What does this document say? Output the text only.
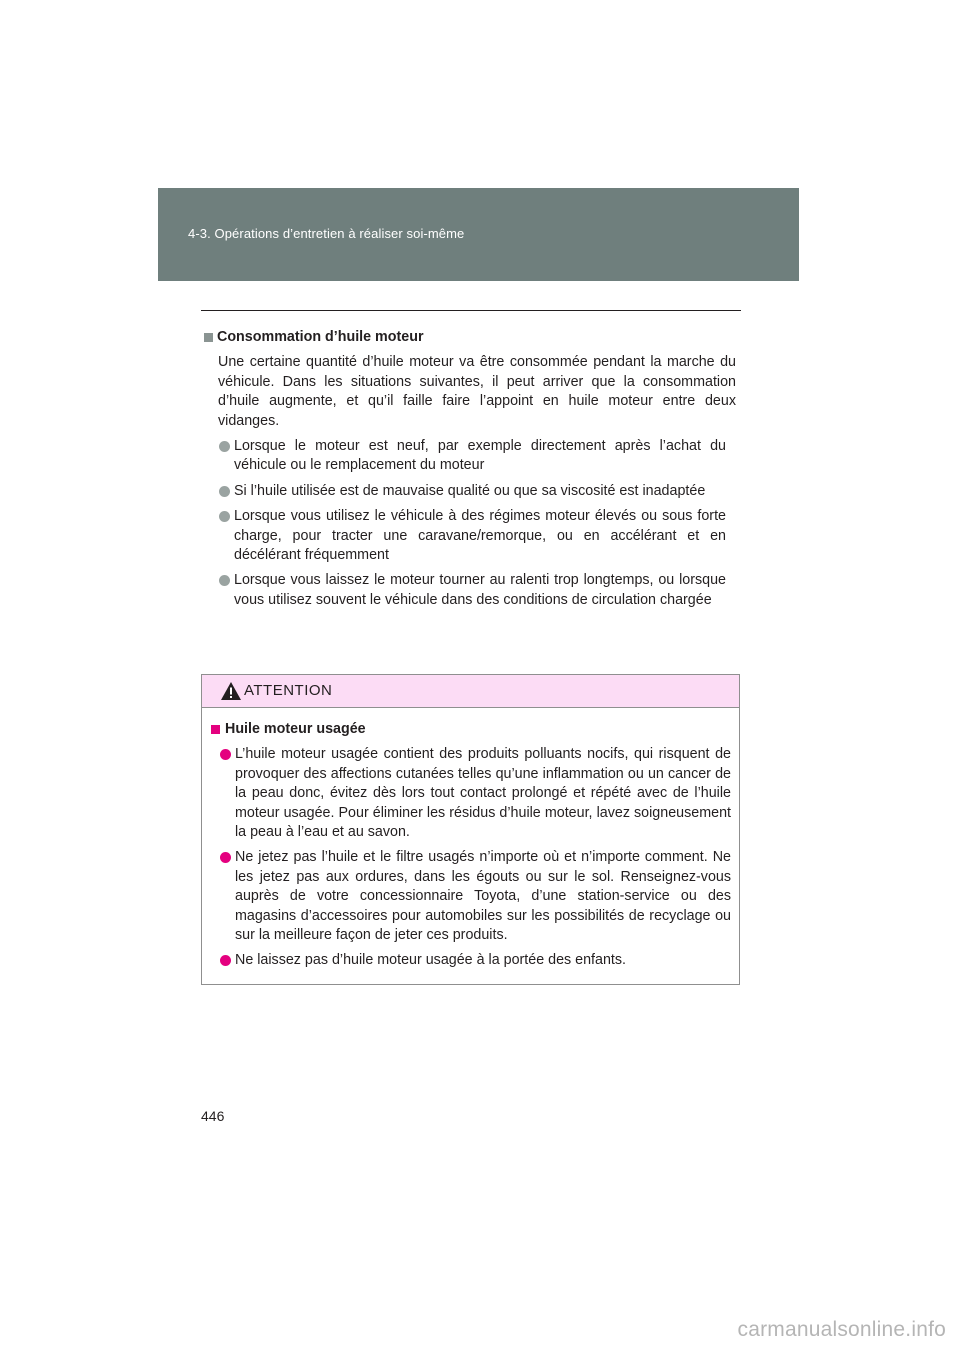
4-3. Opérations d’entretien à réaliser soi-même
Consommation d’huile moteur
Une certaine quantité d’huile moteur va être consommée pendant la marche du véhicule. Dans les situations suivantes, il peut arriver que la consommation d’huile augmente, et qu’il faille faire l’appoint en huile moteur entre deux vidanges.
Lorsque le moteur est neuf, par exemple directement après l’achat du véhicule ou le remplacement du moteur
Si l’huile utilisée est de mauvaise qualité ou que sa viscosité est inadaptée
Lorsque vous utilisez le véhicule à des régimes moteur élevés ou sous forte charge, pour tracter une caravane/remorque, ou en accélérant et en décélérant fréquemment
Lorsque vous laissez le moteur tourner au ralenti trop longtemps, ou lorsque vous utilisez souvent le véhicule dans des conditions de circulation chargée
ATTENTION
Huile moteur usagée
L’huile moteur usagée contient des produits polluants nocifs, qui risquent de provoquer des affections cutanées telles qu’une inflammation ou un cancer de la peau donc, évitez dès lors tout contact prolongé et répété avec de l’huile moteur usagée. Pour éliminer les résidus d’huile moteur, lavez soigneusement la peau à l’eau et au savon.
Ne jetez pas l’huile et le filtre usagés n’importe où et n’importe comment. Ne les jetez pas aux ordures, dans les égouts ou sur le sol. Renseignez-vous auprès de votre concessionnaire Toyota, d’une station-service ou des magasins d’accessoires pour automobiles sur les possibilités de recyclage ou sur la meilleure façon de jeter ces produits.
Ne laissez pas d’huile moteur usagée à la portée des enfants.
446
carmanualsonline.info
